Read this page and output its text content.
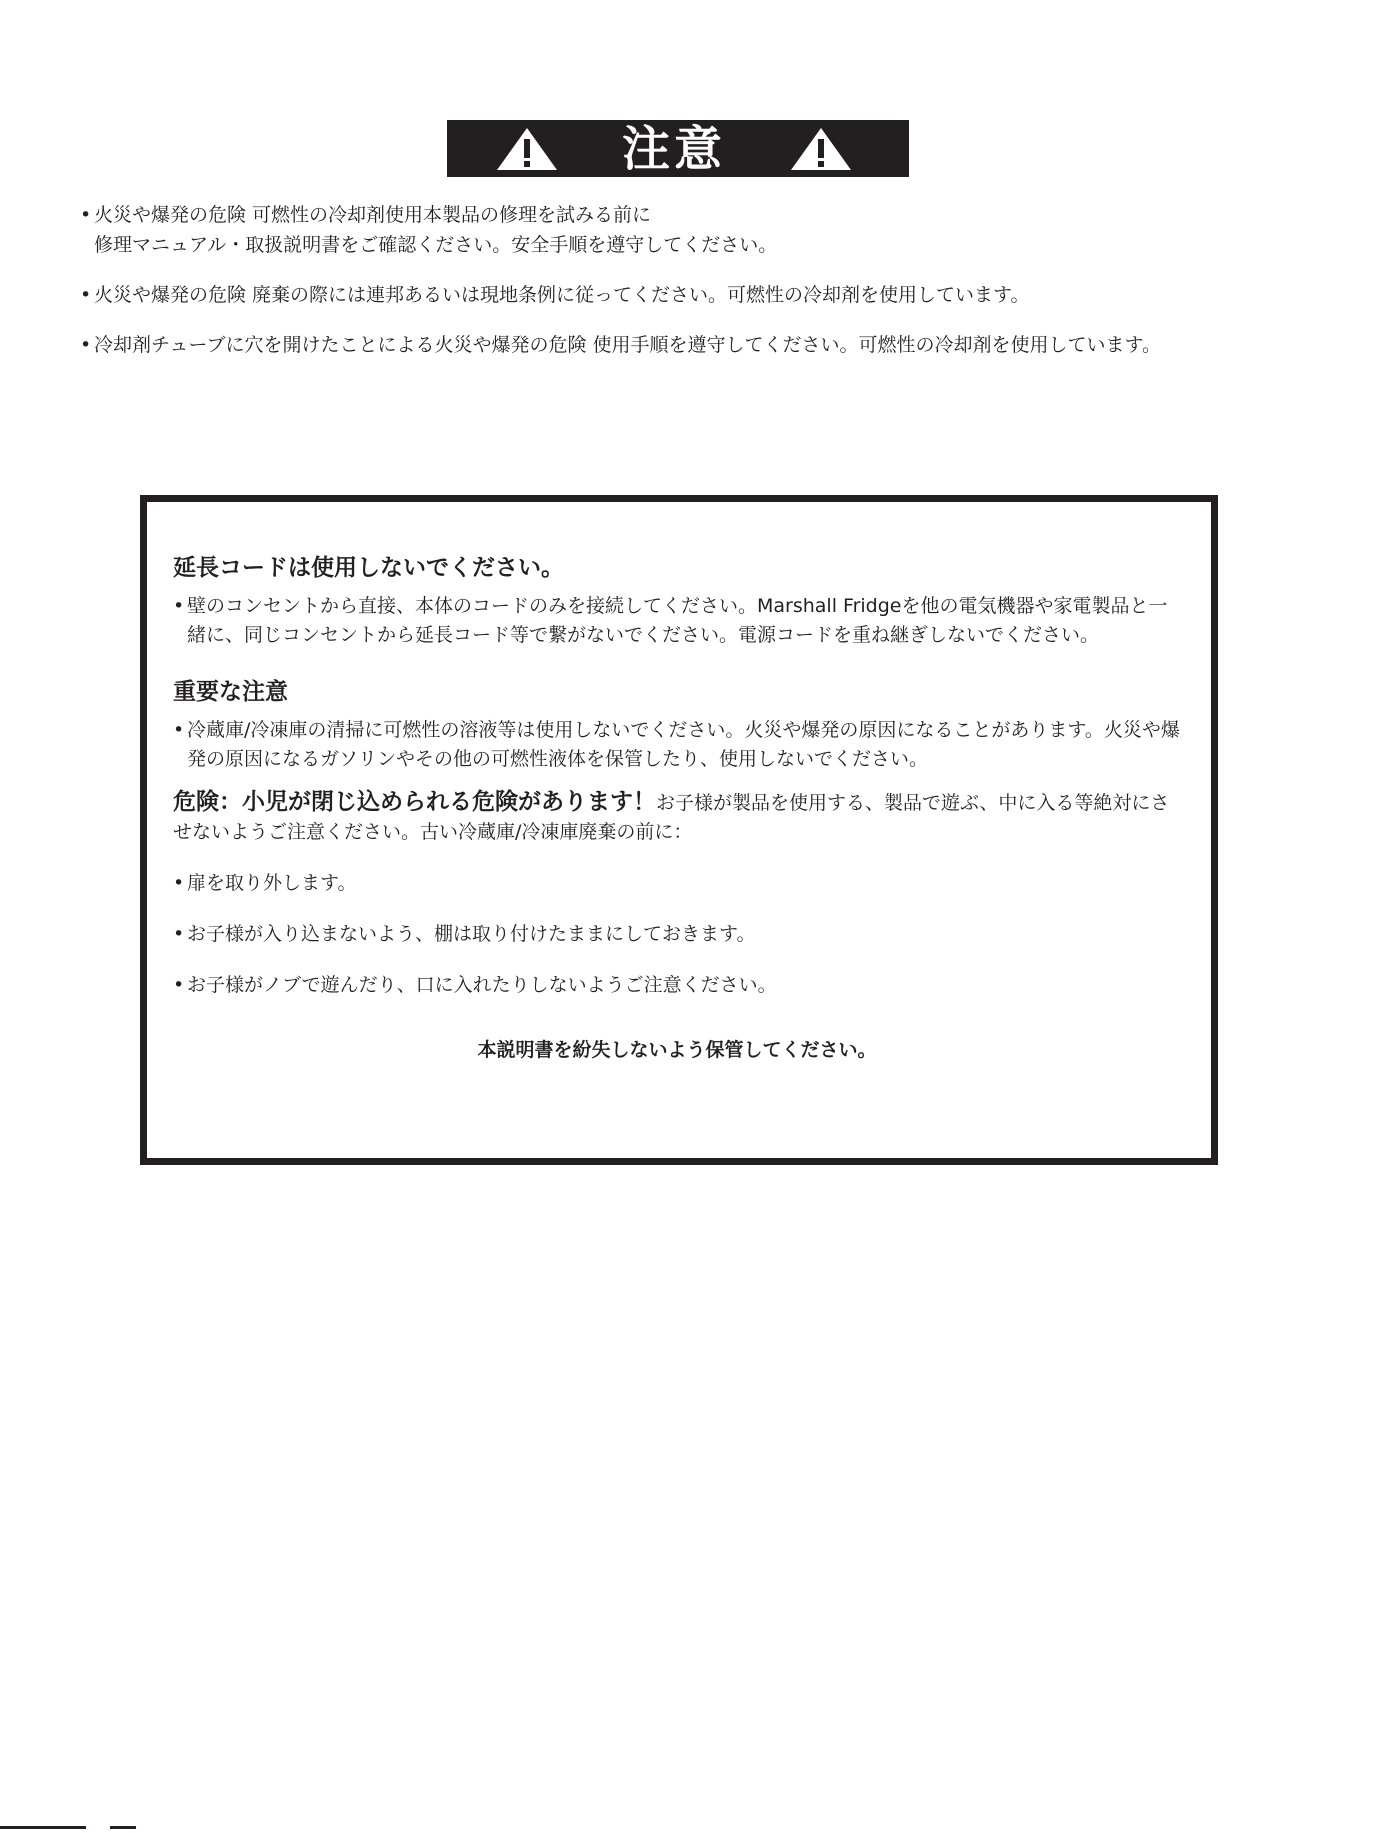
注意
• 火災や爆発の危険 可燃性の冷却剤使用本製品の修理を試みる前に
修理マニュアル・取扱説明書をご確認ください。安全手順を遵守してください。
• 火災や爆発の危険 廃棄の際には連邦あるいは現地条例に従ってください。可燃性の冷却剤を使用しています。
• 冷却剤チューブに穴を開けたことによる火災や爆発の危険 使用手順を遵守してください。可燃性の冷却剤を使用しています。
延長コードは使用しないでください。

• 壁のコンセントから直接、本体のコードのみを接続してください。Marshall Fridgeを他の電気機器や家電製品と一緒に、同じコンセントから延長コード等で繋がないでください。電源コードを重ね継ぎしないでください。

重要な注意

• 冷蔵庫/冷凍庫の清掃に可燃性の溶液等は使用しないでください。火災や爆発の原因になることがあります。火災や爆発の原因になるガソリンやその他の可燃性液体を保管したり、使用しないでください。

危険：小児が閉じ込められる危険があります！お子様が製品を使用する、製品で遊ぶ、中に入る等絶対にさせないようご注意ください。古い冷蔵庫/冷凍庫廃棄の前に：

• 扉を取り外します。

• お子様が入り込まないよう、棚は取り付けたままにしておきます。

• お子様がノブで遊んだり、口に入れたりしないようご注意ください。

本説明書を紛失しないよう保管してください。
